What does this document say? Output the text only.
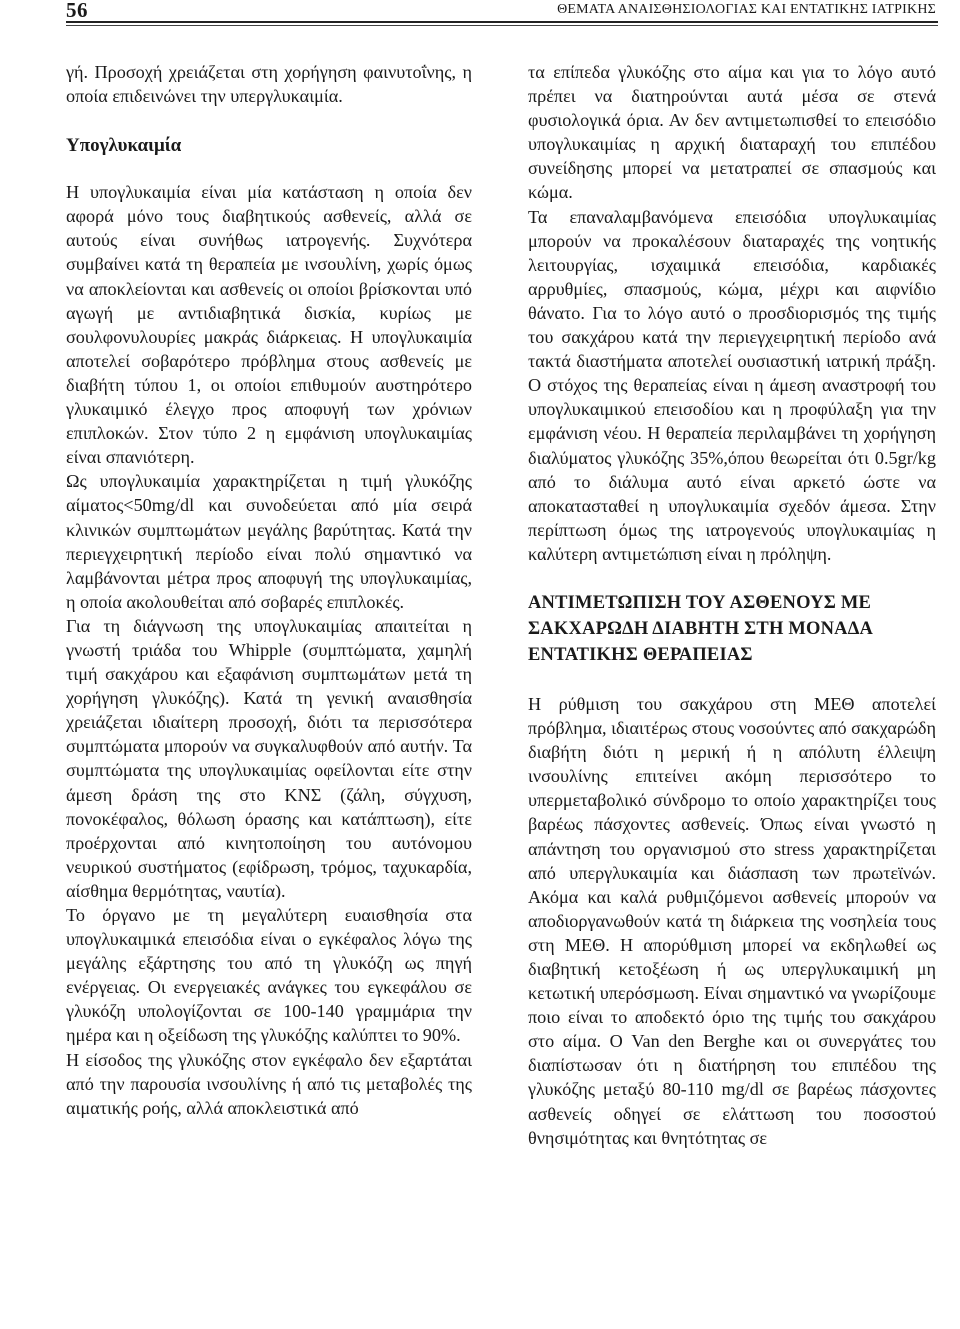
56	ΘΕΜΑΤΑ ΑΝΑΙΣΘΗΣΙΟΛΟΓΙΑΣ ΚΑΙ ΕΝΤΑΤΙΚΗΣ ΙΑΤΡΙΚΗΣ

γή. Προσοχή χρειάζεται στη χορήγηση φαινυτοΐνης, η οποία επιδεινώνει την υπεργλυκαιμία.

Υπογλυκαιμία

Η υπογλυκαιμία είναι μία κατάσταση η οποία δεν αφορά μόνο τους διαβητικούς ασθενείς, αλλά σε αυτούς είναι συνήθως ιατρογενής. Συχνότερα συμβαίνει κατά τη θεραπεία με ινσουλίνη, χωρίς όμως να αποκλείονται και ασθενείς οι οποίοι βρίσκονται υπό αγωγή με αντιδιαβητικά δισκία, κυρίως με σουλφονυλουρίες μακράς διάρκειας. Η υπογλυκαιμία αποτελεί σοβαρότερο πρόβλημα στους ασθενείς με διαβήτη τύπου 1, οι οποίοι επιθυμούν αυστηρότερο γλυκαιμικό έλεγχο προς αποφυγή των χρόνιων επιπλοκών. Στον τύπο 2 η εμφάνιση υπογλυκαιμίας είναι σπανιότερη.

Ως υπογλυκαιμία χαρακτηρίζεται η τιμή γλυκόζης αίματος<50mg/dl και συνοδεύεται από μία σειρά κλινικών συμπτωμάτων μεγάλης βαρύτητας. Κατά την περιεγχειρητική περίοδο είναι πολύ σημαντικό να λαμβάνονται μέτρα προς αποφυγή της υπογλυκαιμίας, η οποία ακολουθείται από σοβαρές επιπλοκές.

Για τη διάγνωση της υπογλυκαιμίας απαιτείται η γνωστή τριάδα του Whipple (συμπτώματα, χαμηλή τιμή σακχάρου και εξαφάνιση συμπτωμάτων μετά τη χορήγηση γλυκόζης). Κατά τη γενική αναισθησία χρειάζεται ιδιαίτερη προσοχή, διότι τα περισσότερα συμπτώματα μπορούν να συγκαλυφθούν από αυτήν. Τα συμπτώματα της υπογλυκαιμίας οφείλονται είτε στην άμεση δράση της στο ΚΝΣ (ζάλη, σύγχυση, πονοκέφαλος, θόλωση όρασης και κατάπτωση), είτε προέρχονται από κινητοποίηση του αυτόνομου νευρικού συστήματος (εφίδρωση, τρόμος, ταχυκαρδία, αίσθημα θερμότητας, ναυτία).

Το όργανο με τη μεγαλύτερη ευαισθησία στα υπογλυκαιμικά επεισόδια είναι ο εγκέφαλος λόγω της μεγάλης εξάρτησης του από τη γλυκόζη ως πηγή ενέργειας. Οι ενεργειακές ανάγκες του εγκεφάλου σε γλυκόζη υπολογίζονται σε 100-140 γραμμάρια την ημέρα και η οξείδωση της γλυκόζης καλύπτει το 90%.

Η είσοδος της γλυκόζης στον εγκέφαλο δεν εξαρτάται από την παρουσία ινσουλίνης ή από τις μεταβολές της αιματικής ροής, αλλά αποκλειστικά από

τα επίπεδα γλυκόζης στο αίμα και για το λόγο αυτό πρέπει να διατηρούνται αυτά μέσα σε στενά φυσιολογικά όρια. Αν δεν αντιμετωπισθεί το επεισόδιο υπογλυκαιμίας η αρχική διαταραχή του επιπέδου συνείδησης μπορεί να μετατραπεί σε σπασμούς και κώμα.

Τα επαναλαμβανόμενα επεισόδια υπογλυκαιμίας μπορούν να προκαλέσουν διαταραχές της νοητικής λειτουργίας, ισχαιμικά επεισόδια, καρδιακές αρρυθμίες, σπασμούς, κώμα, μέχρι και αιφνίδιο θάνατο. Για το λόγο αυτό ο προσδιορισμός της τιμής του σακχάρου κατά την περιεγχειρητική περίοδο ανά τακτά διαστήματα αποτελεί ουσιαστική ιατρική πράξη. Ο στόχος της θεραπείας είναι η άμεση αναστροφή του υπογλυκαιμικού επεισοδίου και η προφύλαξη για την εμφάνιση νέου. Η θεραπεία περιλαμβάνει τη χορήγηση διαλύματος γλυκόζης 35%,όπου θεωρείται ότι 0.5gr/kg από το διάλυμα αυτό είναι αρκετό ώστε να αποκατασταθεί η υπογλυκαιμία σχεδόν άμεσα. Στην περίπτωση όμως της ιατρογενούς υπογλυκαιμίας η καλύτερη αντιμετώπιση είναι η πρόληψη.

ΑΝΤΙΜΕΤΩΠΙΣΗ ΤΟΥ ΑΣΘΕΝΟΥΣ ΜΕ ΣΑΚΧΑΡΩΔΗ ΔΙΑΒΗΤΗ ΣΤΗ ΜΟΝΑΔΑ ΕΝΤΑΤΙΚΗΣ ΘΕΡΑΠΕΙΑΣ

Η ρύθμιση του σακχάρου στη ΜΕΘ αποτελεί πρόβλημα, ιδιαιτέρως στους νοσούντες από σακχαρώδη διαβήτη διότι η μερική ή η απόλυτη έλλειψη ινσουλίνης επιτείνει ακόμη περισσότερο το υπερμεταβολικό σύνδρομο το οποίο χαρακτηρίζει τους βαρέως πάσχοντες ασθενείς. Όπως είναι γνωστό η απάντηση του οργανισμού στο stress χαρακτηρίζεται από υπεργλυκαιμία και διάσπαση των πρωτεϊνών. Ακόμα και καλά ρυθμιζόμενοι ασθενείς μπορούν να αποδιοργανωθούν κατά τη διάρκεια της νοσηλεία τους στη ΜΕΘ. Η απορύθμιση μπορεί να εκδηλωθεί ως διαβητική κετοξέωση ή ως υπεργλυκαιμική μη κετωτική υπερόσμωση. Είναι σημαντικό να γνωρίζουμε ποιο είναι το αποδεκτό όριο της τιμής του σακχάρου στο αίμα. Ο Van den Berghe και οι συνεργάτες του διαπίστωσαν ότι η διατήρηση του επιπέδου της γλυκόζης μεταξύ 80-110 mg/dl σε βαρέως πάσχοντες ασθενείς οδηγεί σε ελάττωση του ποσοστού θνησιμότητας και θνητότητας σε
